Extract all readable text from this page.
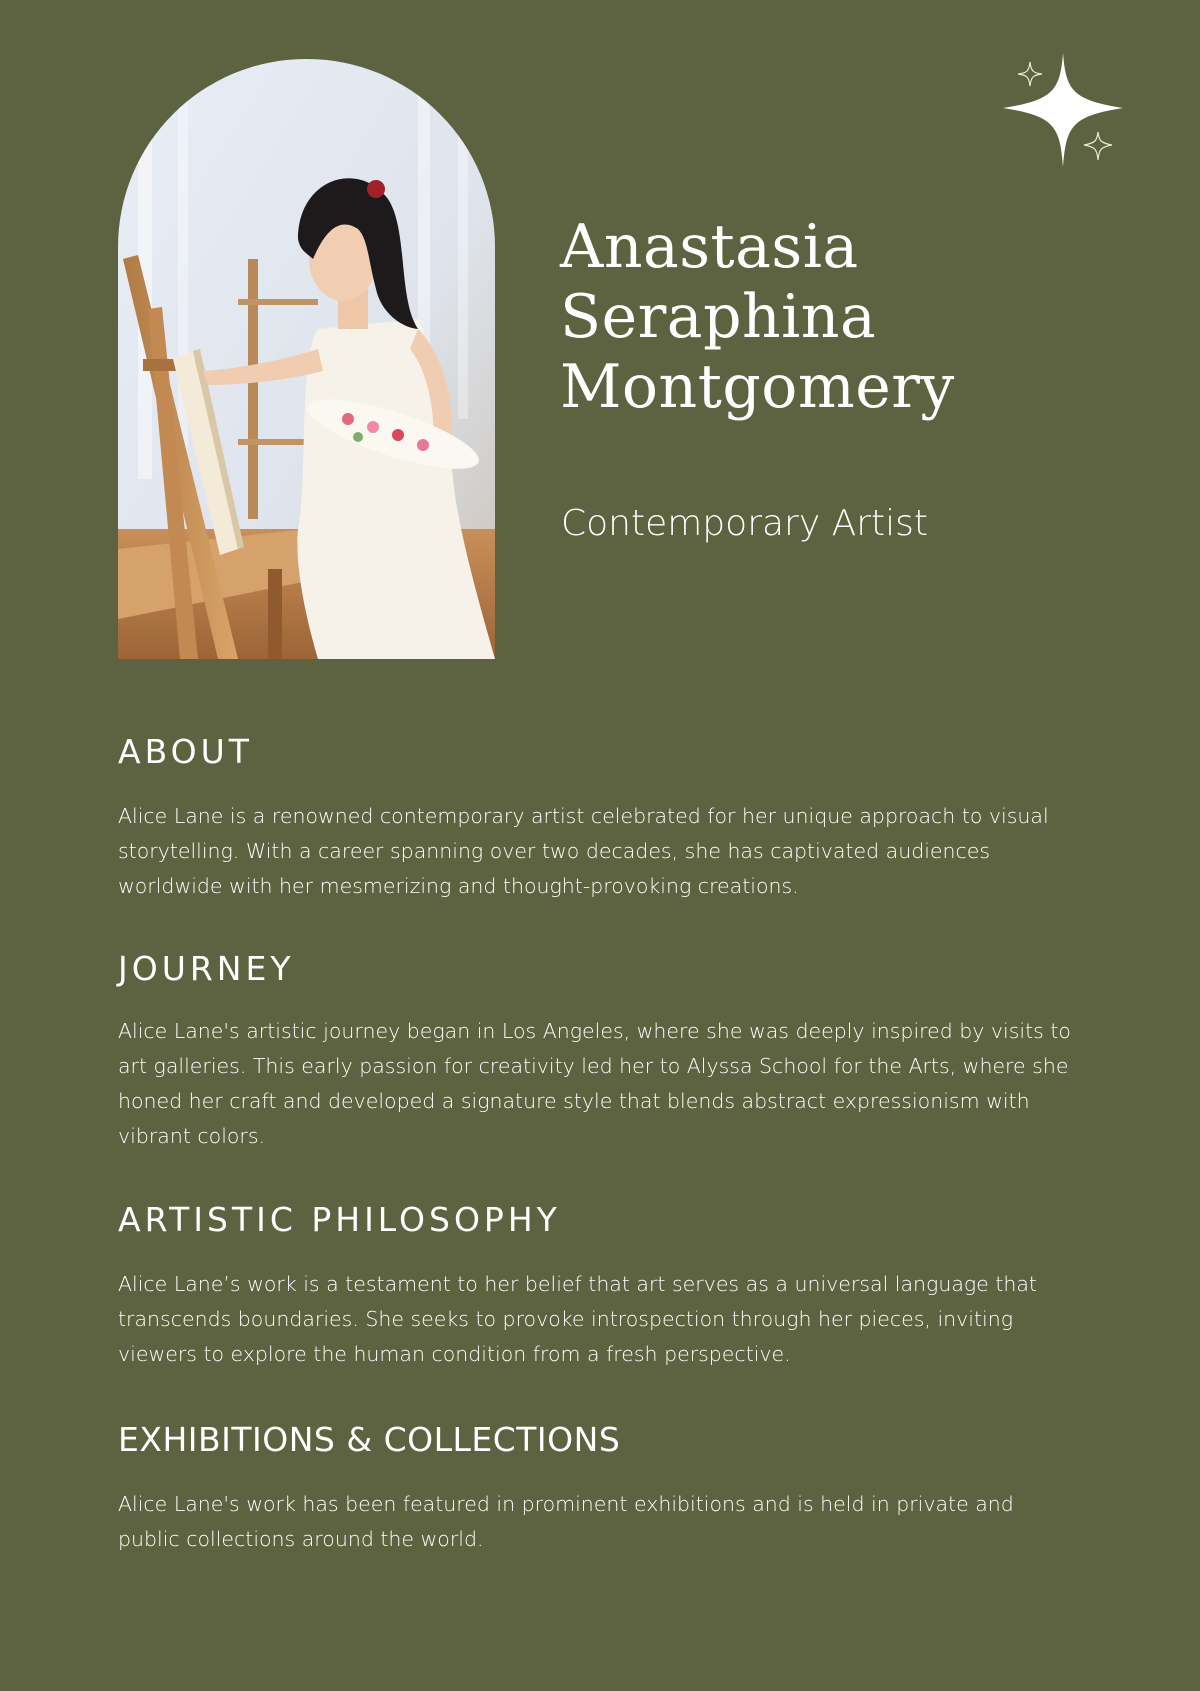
Anastasia
Seraphina
Montgomery

Contemporary Artist

ABOUT

Alice Lane is a renowned contemporary artist celebrated for her unique approach to visual storytelling. With a career spanning over two decades, she has captivated audiences worldwide with her mesmerizing and thought-provoking creations.

JOURNEY

Alice Lane's artistic journey began in Los Angeles, where she was deeply inspired by visits to art galleries. This early passion for creativity led her to Alyssa School for the Arts, where she honed her craft and developed a signature style that blends abstract expressionism with vibrant colors.

ARTISTIC PHILOSOPHY

Alice Lane’s work is a testament to her belief that art serves as a universal language that transcends boundaries. She seeks to provoke introspection through her pieces, inviting viewers to explore the human condition from a fresh perspective.

EXHIBITIONS & COLLECTIONS

Alice Lane's work has been featured in prominent exhibitions and is held in private and public collections around the world.
